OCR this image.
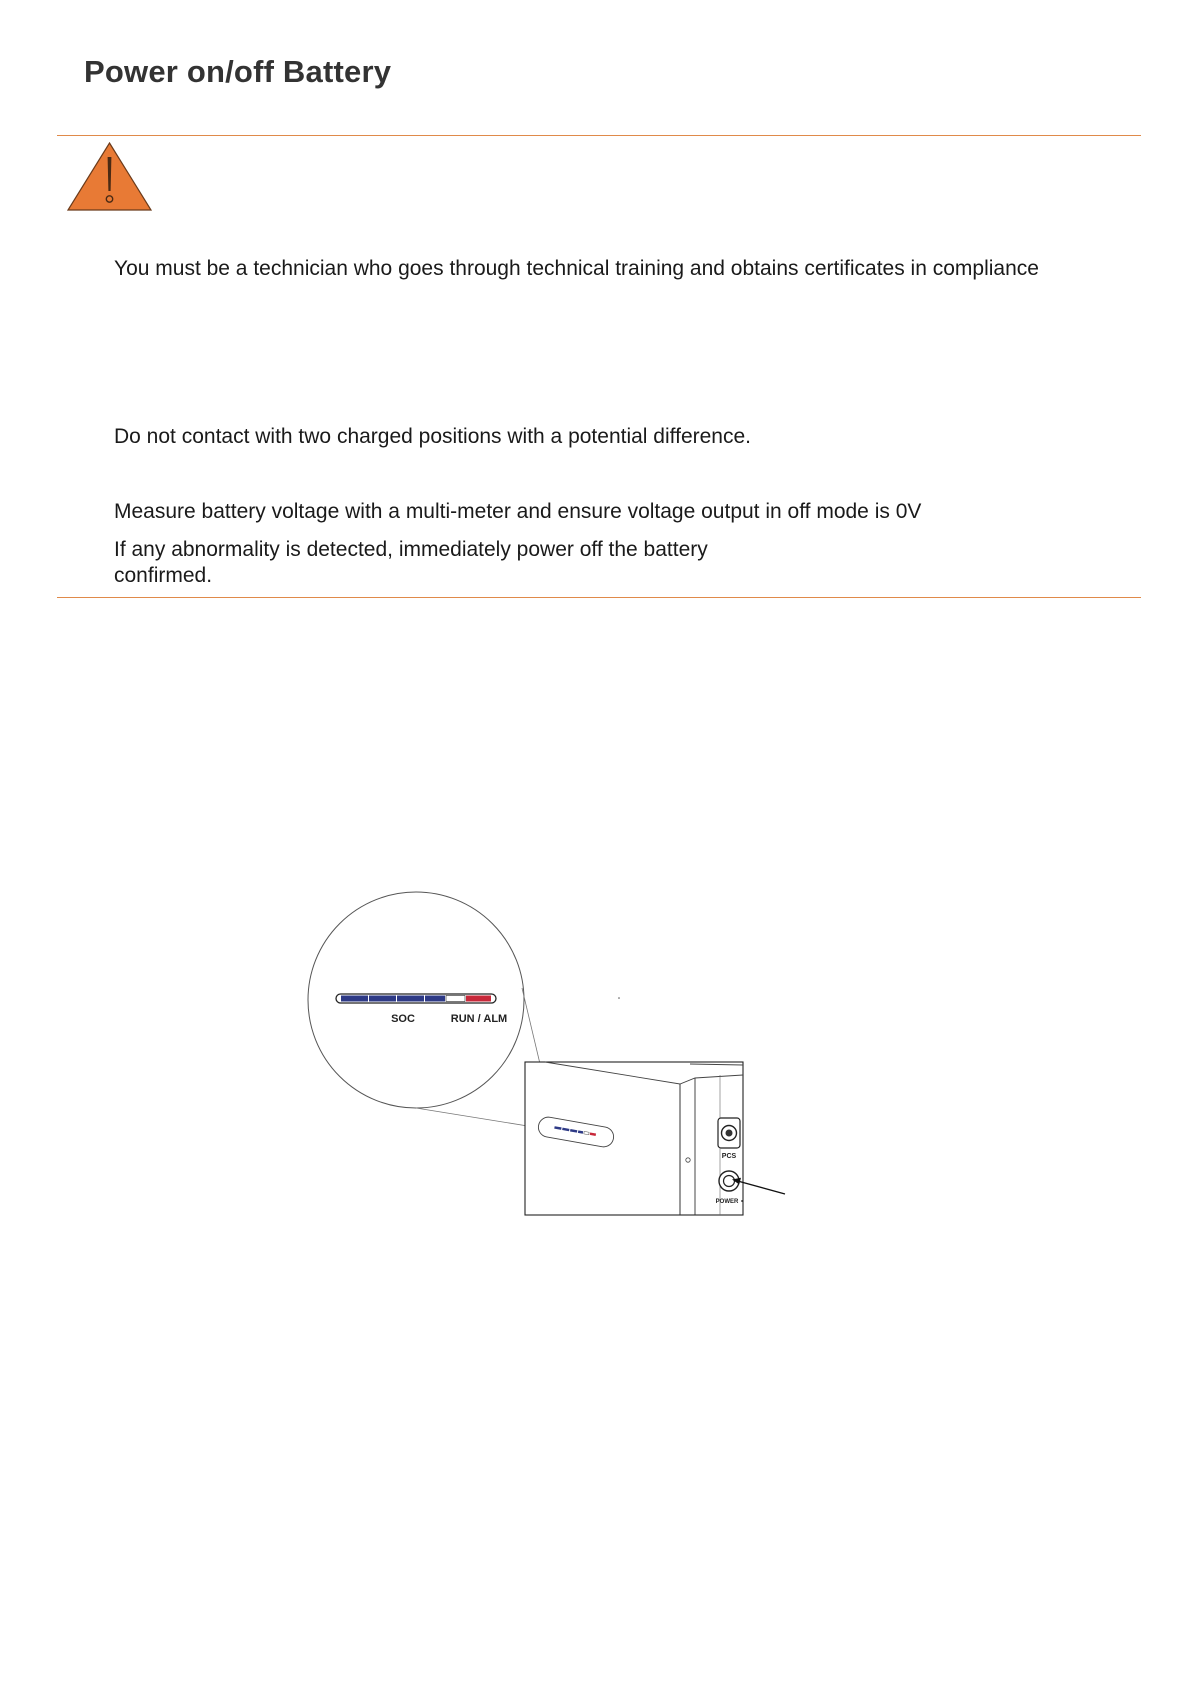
Power on/off Battery

You must be a technician who goes through technical training and obtains certificates in compliance

Do not contact with two charged positions with a potential difference.

Measure battery voltage with a multi-meter and ensure voltage output in off mode is 0V

If any abnormality is detected, immediately power off the battery

confirmed.

SOC	RUN / ALM
PCS
POWER
